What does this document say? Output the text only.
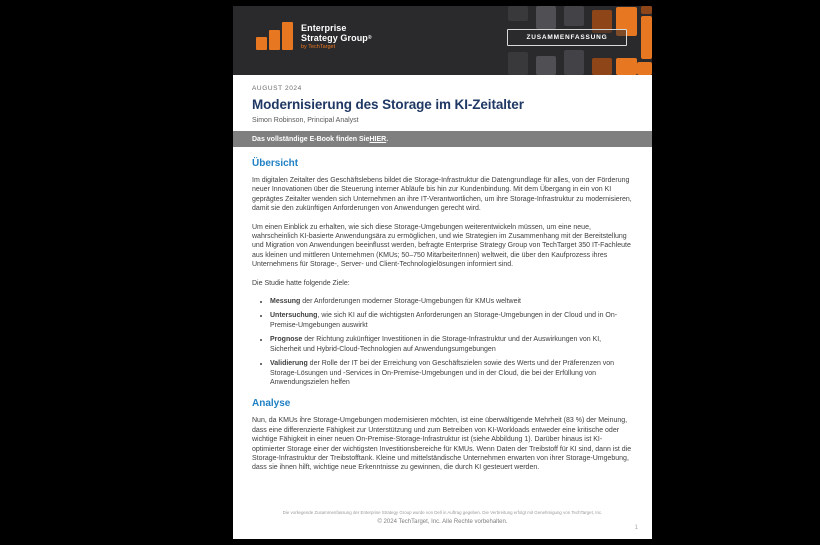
Enterprise
Strategy Group®
by TechTarget
ZUSAMMENFASSUNG
AUGUST 2024
Modernisierung des Storage im KI-Zeitalter
Simon Robinson, Principal Analyst
Das vollständige E-Book finden Sie HIER .
Übersicht

Im digitalen Zeitalter des Geschäftslebens bildet die Storage-Infrastruktur die Datengrundlage für alles, von der Förderung neuer Innovationen über die Steuerung interner Abläufe bis hin zur Kundenbindung. Mit dem Übergang in ein von KI geprägtes Zeitalter wenden sich Unternehmen an ihre IT-Verantwortlichen, um ihre Storage-Infrastruktur zu modernisieren, damit sie den zukünftigen Anforderungen von Anwendungen gerecht wird.

Um einen Einblick zu erhalten, wie sich diese Storage-Umgebungen weiterentwickeln müssen, um eine neue, wahrscheinlich KI-basierte Anwendungsära zu ermöglichen, und wie Strategien im Zusammenhang mit der Bereitstellung und Migration von Anwendungen beeinflusst werden, befragte Enterprise Strategy Group von TechTarget 350 IT-Fachleute aus kleinen und mittleren Unternehmen (KMUs; 50–750 MitarbeiterInnen) weltweit, die über den Kaufprozess ihres Unternehmens für Storage-, Server- und Client-Technologielösungen informiert sind.

Die Studie hatte folgende Ziele:

• Messung der Anforderungen moderner Storage-Umgebungen für KMUs weltweit
• Untersuchung, wie sich KI auf die wichtigsten Anforderungen an Storage-Umgebungen in der Cloud und in On-Premise-Umgebungen auswirkt
• Prognose der Richtung zukünftiger Investitionen in die Storage-Infrastruktur und der Auswirkungen von KI, Sicherheit und Hybrid-Cloud-Technologien auf Anwendungsumgebungen
• Validierung der Rolle der IT bei der Erreichung von Geschäftszielen sowie des Werts und der Präferenzen von Storage-Lösungen und -Services in On-Premise-Umgebungen und in der Cloud, die bei der Erfüllung von Anwendungszielen helfen
Analyse

Nun, da KMUs ihre Storage-Umgebungen modernisieren möchten, ist eine überwältigende Mehrheit (83 %) der Meinung, dass eine differenzierte Fähigkeit zur Unterstützung und zum Betreiben von KI-Workloads entweder eine kritische oder wichtige Fähigkeit in einer neuen On-Premise-Storage-Infrastruktur ist (siehe Abbildung 1). Darüber hinaus ist KI-optimierter Storage einer der wichtigsten Investitionsbereiche für KMUs. Wenn Daten der Treibstoff für KI sind, dann ist die Storage-Infrastruktur der Treibstofftank. Kleine und mittelständische Unternehmen erwarten von ihrer Storage-Umgebung, dass sie ihnen hilft, wichtige neue Erkenntnisse zu gewinnen, die durch KI gesteuert werden.

Die vorliegende Zusammenfassung der Enterprise Strategy Group wurde von Dell in Auftrag gegeben. Die Verbreitung erfolgt mit Genehmigung von TechTarget, Inc.
© 2024 TechTarget, Inc. Alle Rechte vorbehalten.
1
